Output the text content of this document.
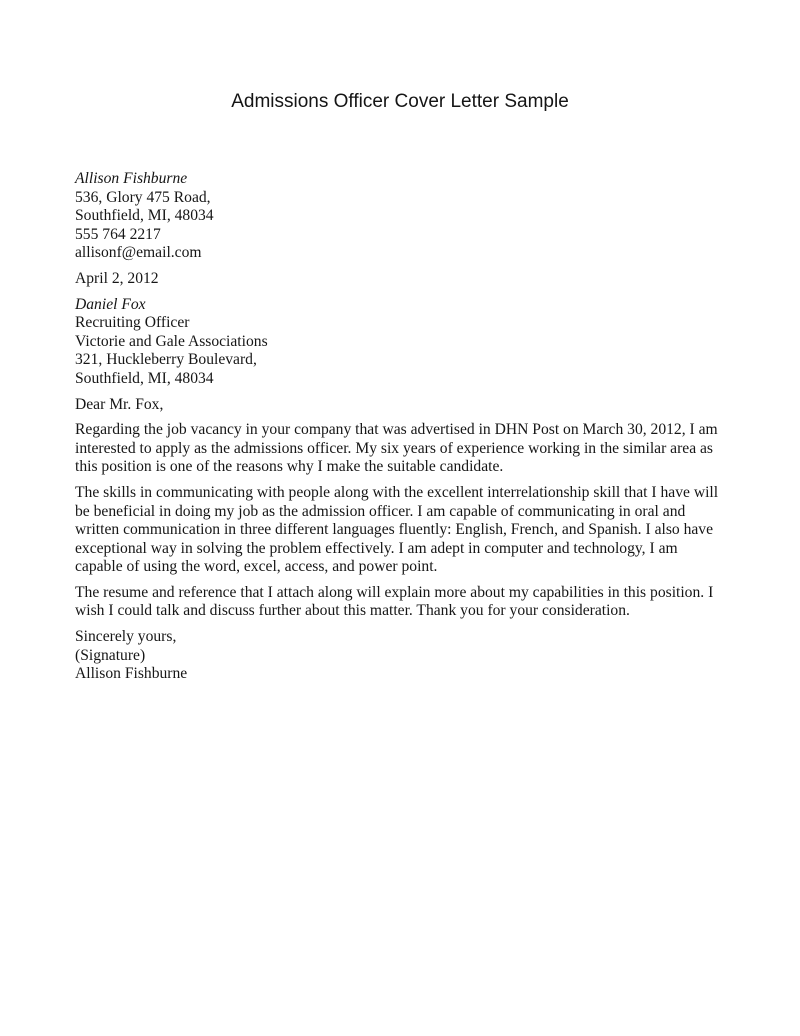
Admissions Officer Cover Letter Sample
Allison Fishburne
536, Glory 475 Road,
Southfield, MI, 48034
555 764 2217
allisonf@email.com
April 2, 2012
Daniel Fox
Recruiting Officer
Victorie and Gale Associations
321, Huckleberry Boulevard,
Southfield, MI, 48034
Dear Mr. Fox,

Regarding the job vacancy in your company that was advertised in DHN Post on March 30, 2012, I am interested to apply as the admissions officer. My six years of experience working in the similar area as this position is one of the reasons why I make the suitable candidate.

The skills in communicating with people along with the excellent interrelationship skill that I have will be beneficial in doing my job as the admission officer. I am capable of communicating in oral and written communication in three different languages fluently: English, French, and Spanish. I also have exceptional way in solving the problem effectively. I am adept in computer and technology, I am capable of using the word, excel, access, and power point.

The resume and reference that I attach along will explain more about my capabilities in this position. I wish I could talk and discuss further about this matter. Thank you for your consideration.

Sincerely yours,
(Signature)
Allison Fishburne
